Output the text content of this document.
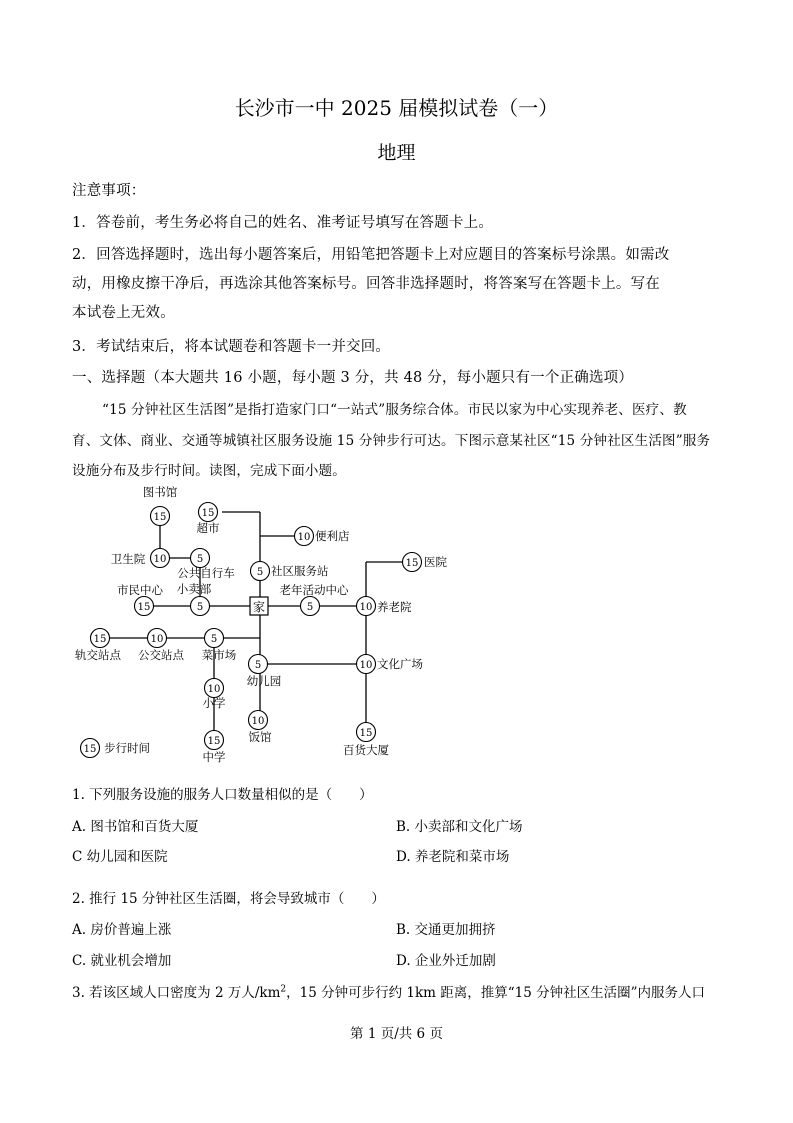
长沙市一中 2025 届模拟试卷（一）
地理
注意事项：
1．答卷前，考生务必将自己的姓名、准考证号填写在答题卡上。
2．回答选择题时，选出每小题答案后，用铅笔把答题卡上对应题目的答案标号涂黑。如需改
动，用橡皮擦干净后，再选涂其他答案标号。回答非选择题时，将答案写在答题卡上。写在
本试卷上无效。
3．考试结束后，将本试题卷和答题卡一并交回。
一、选择题（本大题共 16 小题，每小题 3 分，共 48 分，每小题只有一个正确选项）
“15 分钟社区生活图”是指打造家门口“一站式”服务综合体。市民以家为中心实现养老、医疗、教
育、文体、商业、交通等城镇社区服务设施 15 分钟步行可达。下图示意某社区“15 分钟社区生活图”服务
设施分布及步行时间。读图，完成下面小题。
15
图书馆
10
卫生院	5
公共自行车
15
超市
10 便利店
5 社区服务站
15 医院
15
市民中心
5
小卖部
5
老年活动中心
10 养老院
15
轨交站点
10
公交站点
5
菜市场
5
幼儿园
10 文化广场
10
小学
10
饭馆
15
中学
15
百货大厦
家
15 步行时间
1. 下列服务设施的服务人口数量相似的是（　　）
A. 图书馆和百货大厦	B. 小卖部和文化广场
C 幼儿园和医院	D. 养老院和菜市场
2. 推行 15 分钟社区生活圈，将会导致城市（　　）
A. 房价普遍上涨	B. 交通更加拥挤
C. 就业机会增加	D. 企业外迁加剧
3. 若该区域人口密度为 2 万人$/km^2$，15 分钟可步行约 1km 距离，推算“15 分钟社区生活圈”内服务人口
第 1 页/共 6 页
